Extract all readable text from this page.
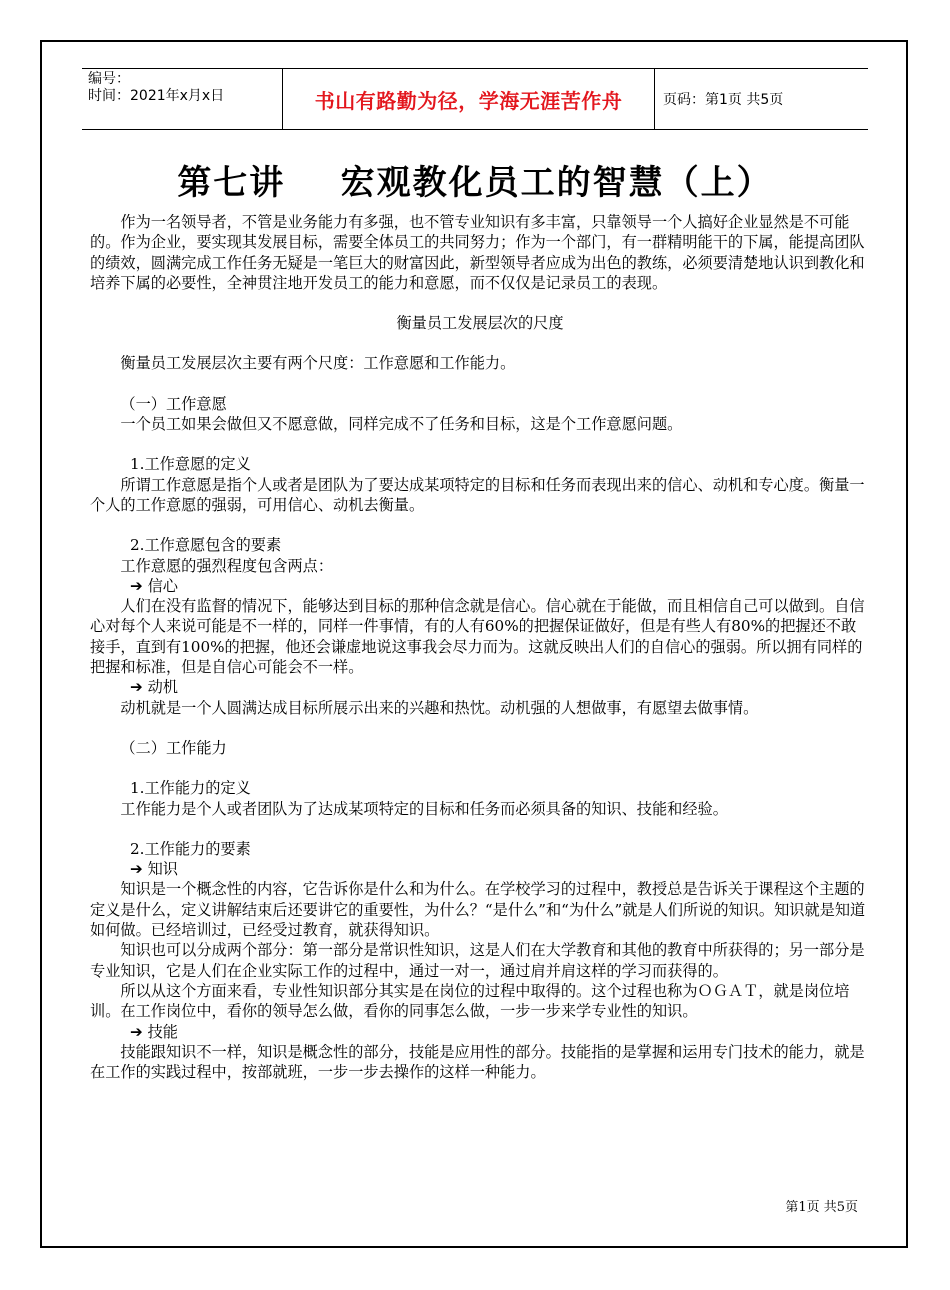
编号：
时间：2021年x月x日	书山有路勤为径，学海无涯苦作舟	页码：第1页 共5页
第七讲    宏观教化员工的智慧（上）

作为一名领导者，不管是业务能力有多强，也不管专业知识有多丰富，只靠领导一个人搞好企业显然是不可能的。作为企业，要实现其发展目标，需要全体员工的共同努力；作为一个部门，有一群精明能干的下属，能提高团队的绩效，圆满完成工作任务无疑是一笔巨大的财富因此，新型领导者应成为出色的教练，必须要清楚地认识到教化和培养下属的必要性，全神贯注地开发员工的能力和意愿，而不仅仅是记录员工的表现。

衡量员工发展层次的尺度

衡量员工发展层次主要有两个尺度：工作意愿和工作能力。

（一）工作意愿

一个员工如果会做但又不愿意做，同样完成不了任务和目标，这是个工作意愿问题。

1.工作意愿的定义

所谓工作意愿是指个人或者是团队为了要达成某项特定的目标和任务而表现出来的信心、动机和专心度。衡量一个人的工作意愿的强弱，可用信心、动机去衡量。

2.工作意愿包含的要素

工作意愿的强烈程度包含两点：

➔ 信心

人们在没有监督的情况下，能够达到目标的那种信念就是信心。信心就在于能做，而且相信自己可以做到。自信心对每个人来说可能是不一样的，同样一件事情，有的人有60%的把握保证做好，但是有些人有80%的把握还不敢接手，直到有100%的把握，他还会谦虚地说这事我会尽力而为。这就反映出人们的自信心的强弱。所以拥有同样的把握和标准，但是自信心可能会不一样。

➔ 动机

动机就是一个人圆满达成目标所展示出来的兴趣和热忱。动机强的人想做事，有愿望去做事情。

（二）工作能力

1.工作能力的定义

工作能力是个人或者团队为了达成某项特定的目标和任务而必须具备的知识、技能和经验。

2.工作能力的要素

➔ 知识

知识是一个概念性的内容，它告诉你是什么和为什么。在学校学习的过程中，教授总是告诉关于课程这个主题的定义是什么，定义讲解结束后还要讲它的重要性，为什么？“是什么”和“为什么”就是人们所说的知识。知识就是知道如何做。已经培训过，已经受过教育，就获得知识。

知识也可以分成两个部分：第一部分是常识性知识，这是人们在大学教育和其他的教育中所获得的；另一部分是专业知识，它是人们在企业实际工作的过程中，通过一对一，通过肩并肩这样的学习而获得的。

所以从这个方面来看，专业性知识部分其实是在岗位的过程中取得的。这个过程也称为ＯＧＡＴ，就是岗位培训。在工作岗位中，看你的领导怎么做，看你的同事怎么做，一步一步来学专业性的知识。

➔ 技能

技能跟知识不一样，知识是概念性的部分，技能是应用性的部分。技能指的是掌握和运用专门技术的能力，就是在工作的实践过程中，按部就班，一步一步去操作的这样一种能力。

第1页 共5页
